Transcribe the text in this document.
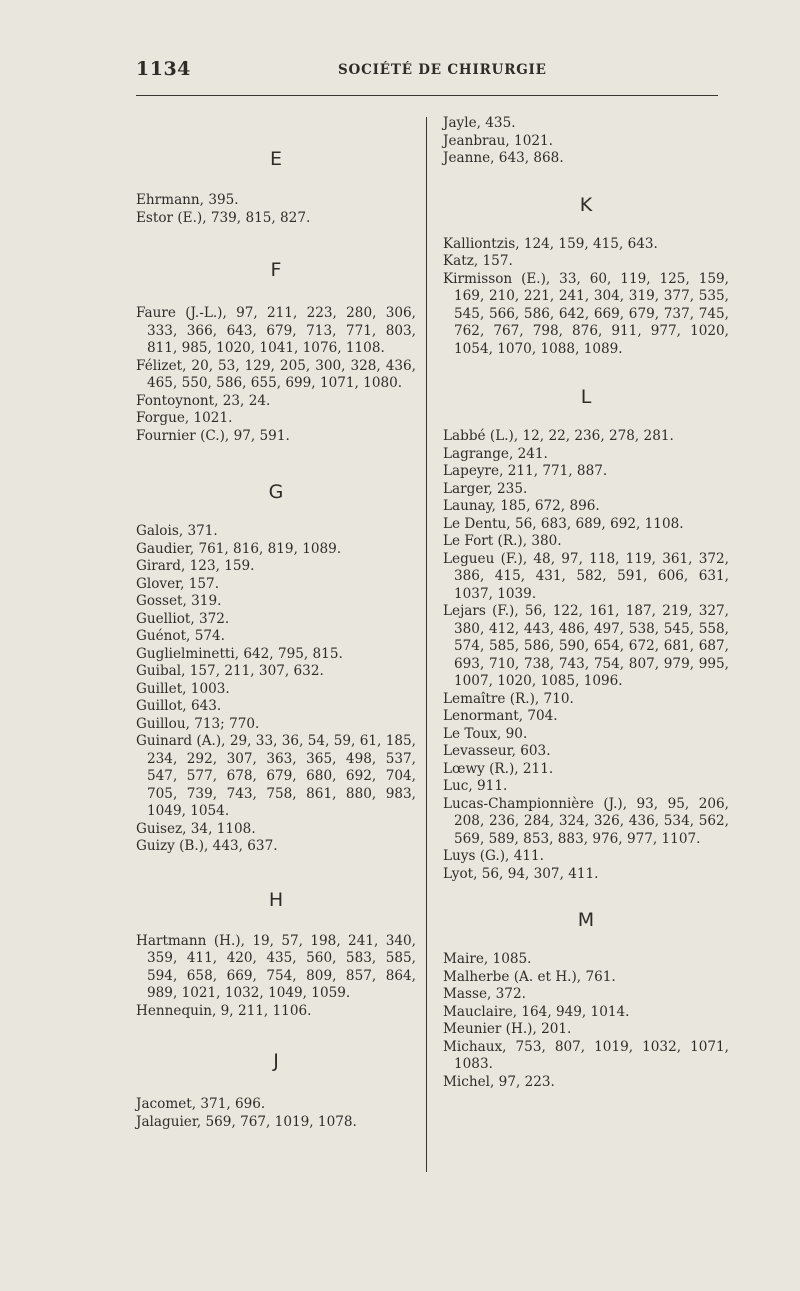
1134	SOCIÉTÉ DE CHIRURGIE
E
Ehrmann, 395.
Estor (E.), 739, 815, 827.
F
Faure (J.-L.), 97, 211, 223, 280, 306, 333, 366, 643, 679, 713, 771, 803, 811, 985, 1020, 1041, 1076, 1108.
Félizet, 20, 53, 129, 205, 300, 328, 436, 465, 550, 586, 655, 699, 1071, 1080.
Fontoynont, 23, 24.
Forgue, 1021.
Fournier (C.), 97, 591.
G
Galois, 371.
Gaudier, 761, 816, 819, 1089.
Girard, 123, 159.
Glover, 157.
Gosset, 319.
Guelliot, 372.
Guénot, 574.
Guglielminetti, 642, 795, 815.
Guibal, 157, 211, 307, 632.
Guillet, 1003.
Guillot, 643.
Guillou, 713; 770.
Guinard (A.), 29, 33, 36, 54, 59, 61, 185, 234, 292, 307, 363, 365, 498, 537, 547, 577, 678, 679, 680, 692, 704, 705, 739, 743, 758, 861, 880, 983, 1049, 1054.
Guisez, 34, 1108.
Guizy (B.), 443, 637.
H
Hartmann (H.), 19, 57, 198, 241, 340, 359, 411, 420, 435, 560, 583, 585, 594, 658, 669, 754, 809, 857, 864, 989, 1021, 1032, 1049, 1059.
Hennequin, 9, 211, 1106.
J
Jacomet, 371, 696.
Jalaguier, 569, 767, 1019, 1078.
Jayle, 435.
Jeanbrau, 1021.
Jeanne, 643, 868.
K
Kalliontzis, 124, 159, 415, 643.
Katz, 157.
Kirmisson (E.), 33, 60, 119, 125, 159, 169, 210, 221, 241, 304, 319, 377, 535, 545, 566, 586, 642, 669, 679, 737, 745, 762, 767, 798, 876, 911, 977, 1020, 1054, 1070, 1088, 1089.
L
Labbé (L.), 12, 22, 236, 278, 281.
Lagrange, 241.
Lapeyre, 211, 771, 887.
Larger, 235.
Launay, 185, 672, 896.
Le Dentu, 56, 683, 689, 692, 1108.
Le Fort (R.), 380.
Legueu (F.), 48, 97, 118, 119, 361, 372, 386, 415, 431, 582, 591, 606, 631, 1037, 1039.
Lejars (F.), 56, 122, 161, 187, 219, 327, 380, 412, 443, 486, 497, 538, 545, 558, 574, 585, 586, 590, 654, 672, 681, 687, 693, 710, 738, 743, 754, 807, 979, 995, 1007, 1020, 1085, 1096.
Lemaître (R.), 710.
Lenormant, 704.
Le Toux, 90.
Levasseur, 603.
Lœwy (R.), 211.
Luc, 911.
Lucas-Championnière (J.), 93, 95, 206, 208, 236, 284, 324, 326, 436, 534, 562, 569, 589, 853, 883, 976, 977, 1107.
Luys (G.), 411.
Lyot, 56, 94, 307, 411.
M
Maire, 1085.
Malherbe (A. et H.), 761.
Masse, 372.
Mauclaire, 164, 949, 1014.
Meunier (H.), 201.
Michaux, 753, 807, 1019, 1032, 1071, 1083.
Michel, 97, 223.
